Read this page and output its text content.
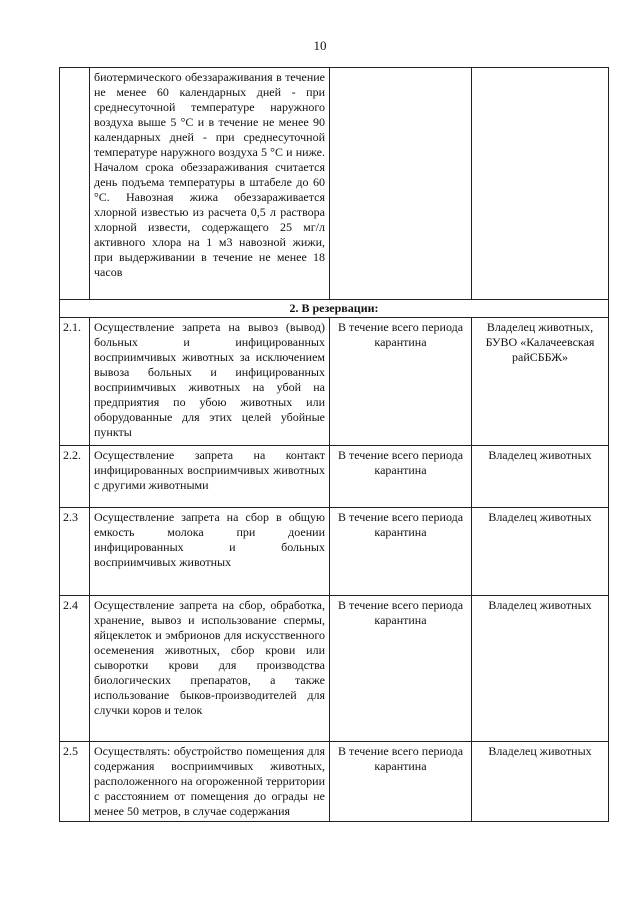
10
	биотермического обеззараживания в течение не менее 60 календарных дней - при среднесуточной температуре наружного воздуха выше 5 °С и в течение не менее 90 календарных дней - при среднесуточной температуре наружного воздуха 5 °С и ниже. Началом срока обеззараживания считается день подъема температуры в штабеле до 60 °С. Навозная жижа обеззараживается хлорной известью из расчета 0,5 л раствора хлорной извести, содержащего 25 мг/л активного хлора на 1 м3 навозной жижи, при выдерживании в течение не менее 18 часов		
2. В резервации:			
2.1.	Осуществление запрета на вывоз (вывод) больных и инфицированных восприимчивых животных за исключением вывоза больных и инфицированных восприимчивых животных на убой на предприятия по убою животных или оборудованные для этих целей убойные пункты	В течение всего периода карантина	Владелец животных, БУВО «Калачеевская райСББЖ»
2.2.	Осуществление запрета на контакт инфицированных восприимчивых животных с другими животными	В течение всего периода карантина	Владелец животных
2.3	Осуществление запрета на сбор в общую емкость молока при доении инфицированных и больных восприимчивых животных	В течение всего периода карантина	Владелец животных
2.4	Осуществление запрета на сбор, обработка, хранение, вывоз и использование спермы, яйцеклеток и эмбрионов для искусственного осеменения животных, сбор крови или сыворотки крови для производства биологических препаратов, а также использование быков-производителей для случки коров и телок	В течение всего периода карантина	Владелец животных
2.5	Осуществлять: обустройство помещения для содержания восприимчивых животных, расположенного на огороженной территории с расстоянием от помещения до ограды не менее 50 метров, в случае содержания	В течение всего периода карантина	Владелец животных
